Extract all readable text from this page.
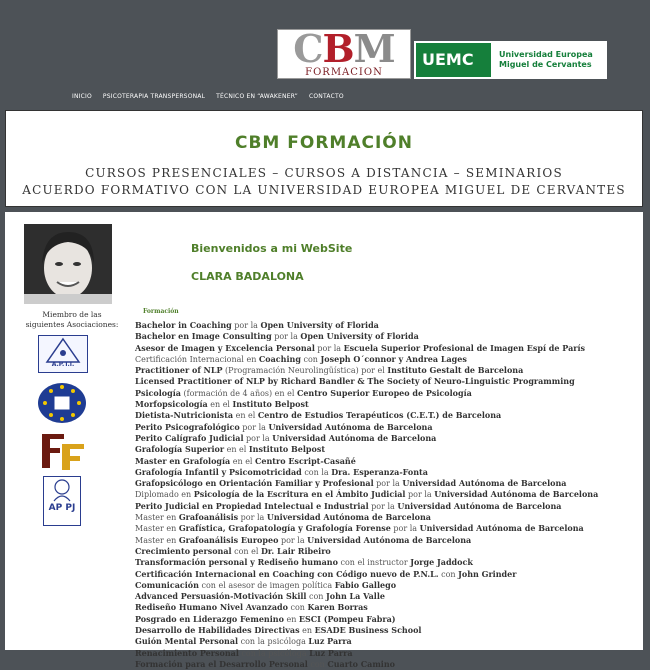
CBM
FORMACION
UEMC	Universidad Europea
Miguel de Cervantes
INICIO PSICOTERAPIA TRANSPERSONAL TÉCNICO EN “AWAKENER” CONTACTO
CBM FORMACIÓN

CURSOS PRESENCIALES – CURSOS A DISTANCIA – SEMINARIOS

ACUERDO FORMATIVO CON LA UNIVERSIDAD EUROPEA MIGUEL DE CERVANTES

Miembro de las siguientes Asociaciones:
A.P.T.I.
AP PJ
Bienvenidos a mi WebSite
CLARA BADALONA
Formación
Bachelor in Coaching por la Open University of Florida
Bachelor en Image Consulting por la Open University of Florida
Asesor de Imagen y Excelencia Personal por la Escuela Superior Profesional de Imagen Espí de París
Certificación Internacional en Coaching con Joseph O´connor y Andrea Lages
Practitioner of NLP (Programación Neurolingüística) por el Instituto Gestalt de Barcelona
Licensed Practitioner of NLP by Richard Bandler & The Society of Neuro-Linguistic Programming
Psicología (formación de 4 años) en el Centro Superior Europeo de Psicología
Morfopsicología en el Instituto Belpost
Dietista-Nutricionista en el Centro de Estudios Terapéuticos (C.E.T.) de Barcelona
Perito Psicografológico por la Universidad Autónoma de Barcelona
Perito Calígrafo Judicial por la Universidad Autónoma de Barcelona
Grafología Superior en el Instituto Belpost
Master en Grafología en el Centro Escript-Casañé
Grafología Infantil y Psicomotricidad con la Dra. Esperanza-Fonta
Grafopsicólogo en Orientación Familiar y Profesional por la Universidad Autónoma de Barcelona
Diplomado en Psicología de la Escritura en el Ámbito Judicial por la Universidad Autónoma de Barcelona
Perito Judicial en Propiedad Intelectual e Industrial por la Universidad Autónoma de Barcelona
Master en Grafoanálisis por la Universidad Autónoma de Barcelona
Master en Grafística, Grafopatología y Grafología Forense por la Universidad Autónoma de Barcelona
Master en Grafoanálisis Europeo por la Universidad Autónoma de Barcelona
Crecimiento personal con el Dr. Lair Ribeiro
Transformación personal y Rediseño humano con el instructor Jorge Jaddock
Certificación Internacional en Coaching con Código nuevo de P.N.L. con John Grinder
Comunicación con el asesor de imagen política Fabio Gallego
Advanced Persuasión-Motivación Skill con John La Valle
Rediseño Humano Nivel Avanzado con Karen Borras
Posgrado en Liderazgo Femenino en ESCI (Pompeu Fabra)
Desarrollo de Habilidades Directivas en ESADE Business School
Guión Mental Personal con la psicóloga Luz Parra
Renacimiento Personal con la psicóloga Luz Parra
Formación para el Desarrollo Personal con Cuarto Camino
